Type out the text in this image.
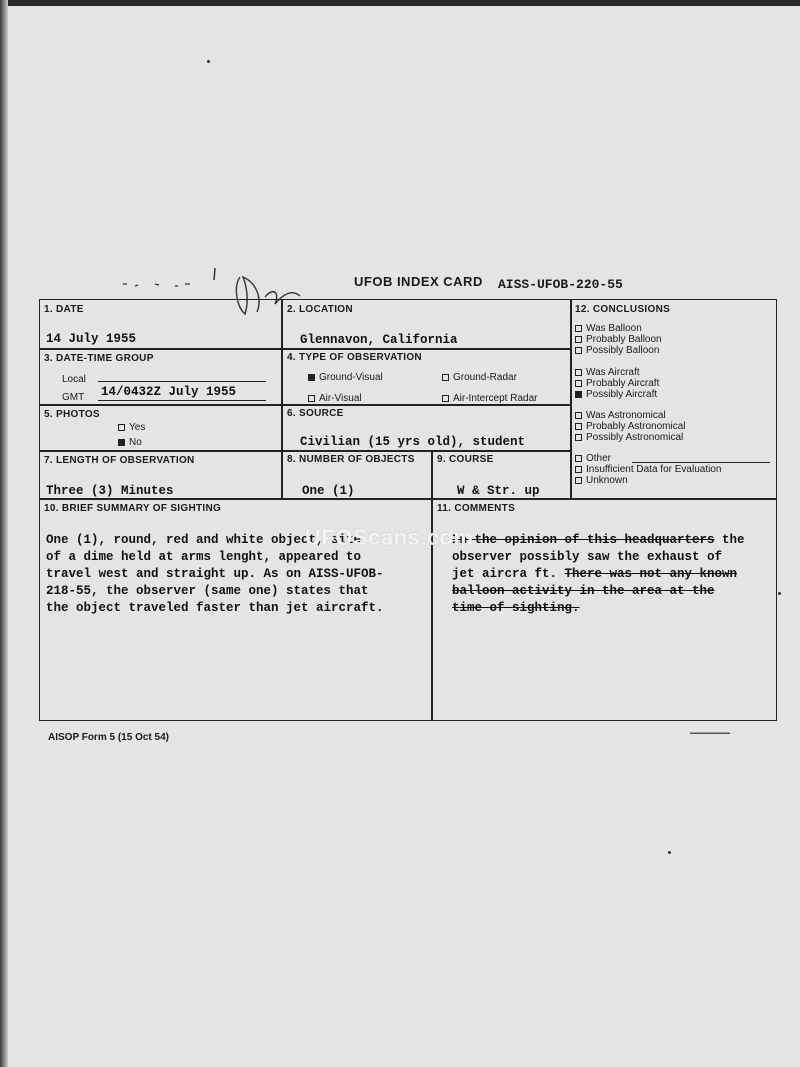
UFOB INDEX CARD AISS-UFOB-220-55
1. DATE
14 July 1955
2. LOCATION
Glennavon, California
3. DATE-TIME GROUP
Local
GMT 14/0432Z July 1955
4. TYPE OF OBSERVATION
Ground-Visual	Ground-Radar
Air-Visual	Air-Intercept Radar
5. PHOTOS
Yes
No
6. SOURCE
Civilian (15 yrs old), student
7. LENGTH OF OBSERVATION
Three (3) Minutes
8. NUMBER OF OBJECTS
One (1)
9. COURSE
W & Str. up
10. BRIEF SUMMARY OF SIGHTING
One (1), round, red and white object, size
of a dime held at arms lenght, appeared to
travel west and straight up. As on AISS-UFOB-
218-55, the observer (same one) states that
the object traveled faster than jet aircraft.
11. COMMENTS
In the opinion of this headquarters the
observer possibly saw the exhaust of
jet aircra ft. There was not any known
balloon activity in the area at the
time of sighting.
12. CONCLUSIONS
Was Balloon
Probably Balloon
Possibly Balloon
Was Aircraft
Probably Aircraft
Possibly Aircraft
Was Astronomical
Probably Astronomical
Possibly Astronomical
Other
Insufficient Data for Evaluation
Unknown
UFOScans.com
AISOP Form 5 (15 Oct 54)	▬▬▬▬▬▬▬▬
